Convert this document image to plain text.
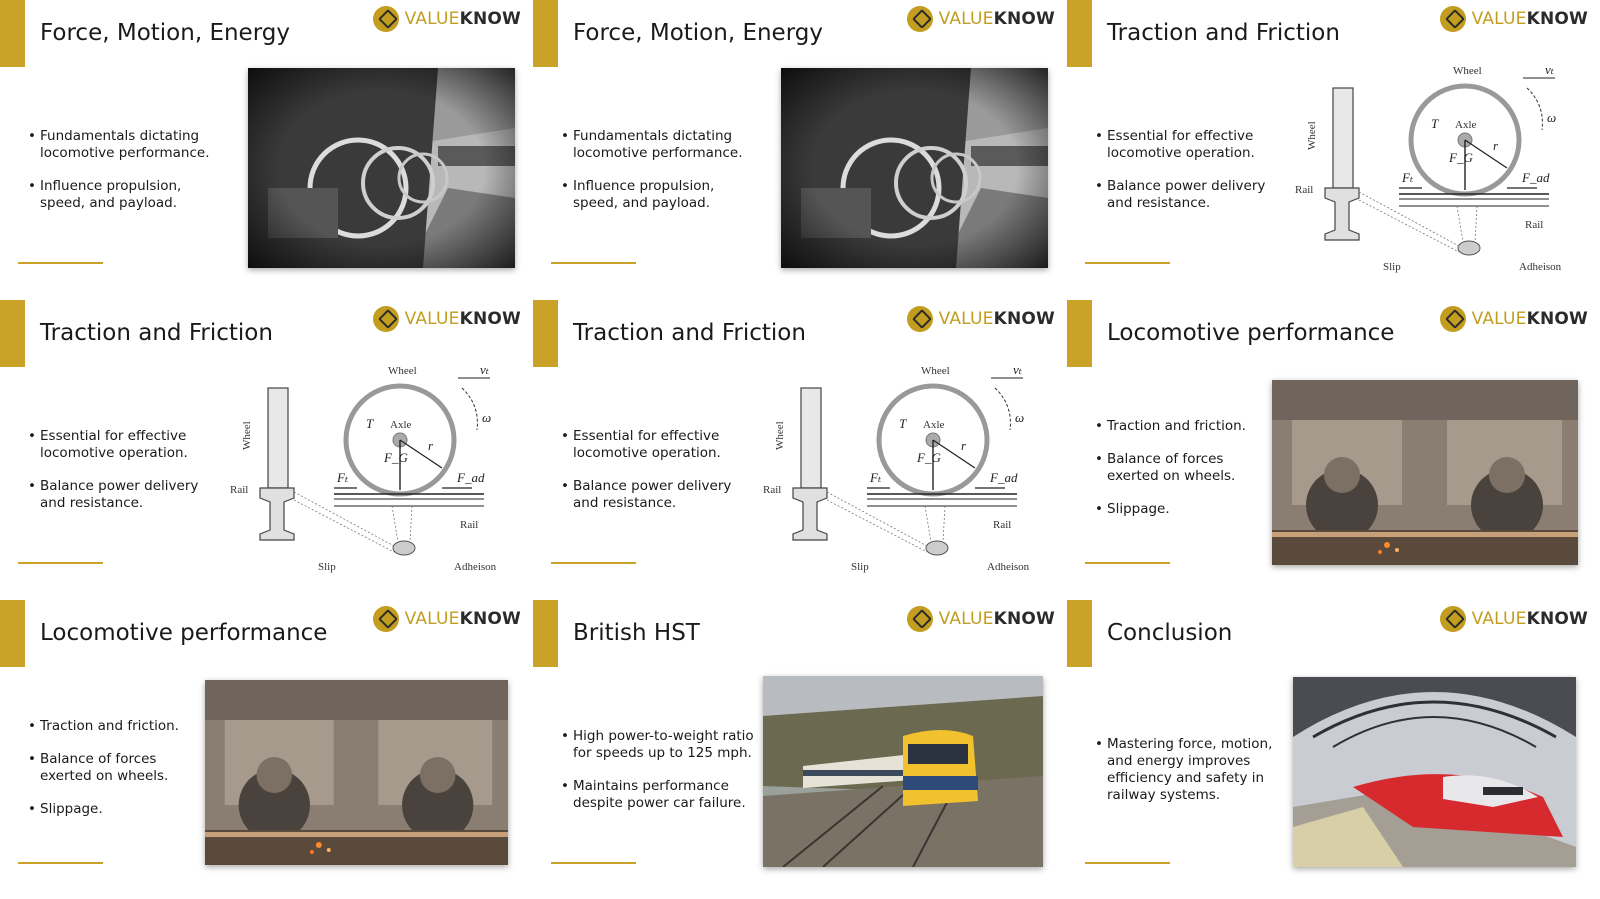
Force, Motion, Energy
VALUEKNOW
• Fundamentals dictating locomotive performance.
• Influence propulsion, speed, and payload.
Force, Motion, Energy
VALUEKNOW
• Fundamentals dictating locomotive performance.
• Influence propulsion, speed, and payload.
Traction and Friction
VALUEKNOW
• Essential for effective locomotive operation.
• Balance power delivery and resistance.
Wheel
Rail
Wheel
Axle
T
r
ω
vₜ
F_G
Fₜ	F_ad
Rail
Slip	Adheison
Traction and Friction
VALUEKNOW
• Essential for effective locomotive operation.
• Balance power delivery and resistance.
Wheel
Rail
Wheel
Axle
T
r
ω
vₜ
F_G
Fₜ	F_ad
Rail
Slip	Adheison
Traction and Friction
VALUEKNOW
• Essential for effective locomotive operation.
• Balance power delivery and resistance.
Wheel
Rail
Wheel
Axle
T
r
ω
vₜ
F_G
Fₜ	F_ad
Rail
Slip	Adheison
Locomotive performance
VALUEKNOW
• Traction and friction.
• Balance of forces exerted on wheels.
• Slippage.
Locomotive performance
VALUEKNOW
• Traction and friction.
• Balance of forces exerted on wheels.
• Slippage.
British HST
VALUEKNOW
• High power-to-weight ratio for speeds up to 125 mph.
• Maintains performance despite power car failure.
Conclusion
VALUEKNOW
• Mastering force, motion, and energy improves efficiency and safety in railway systems.
